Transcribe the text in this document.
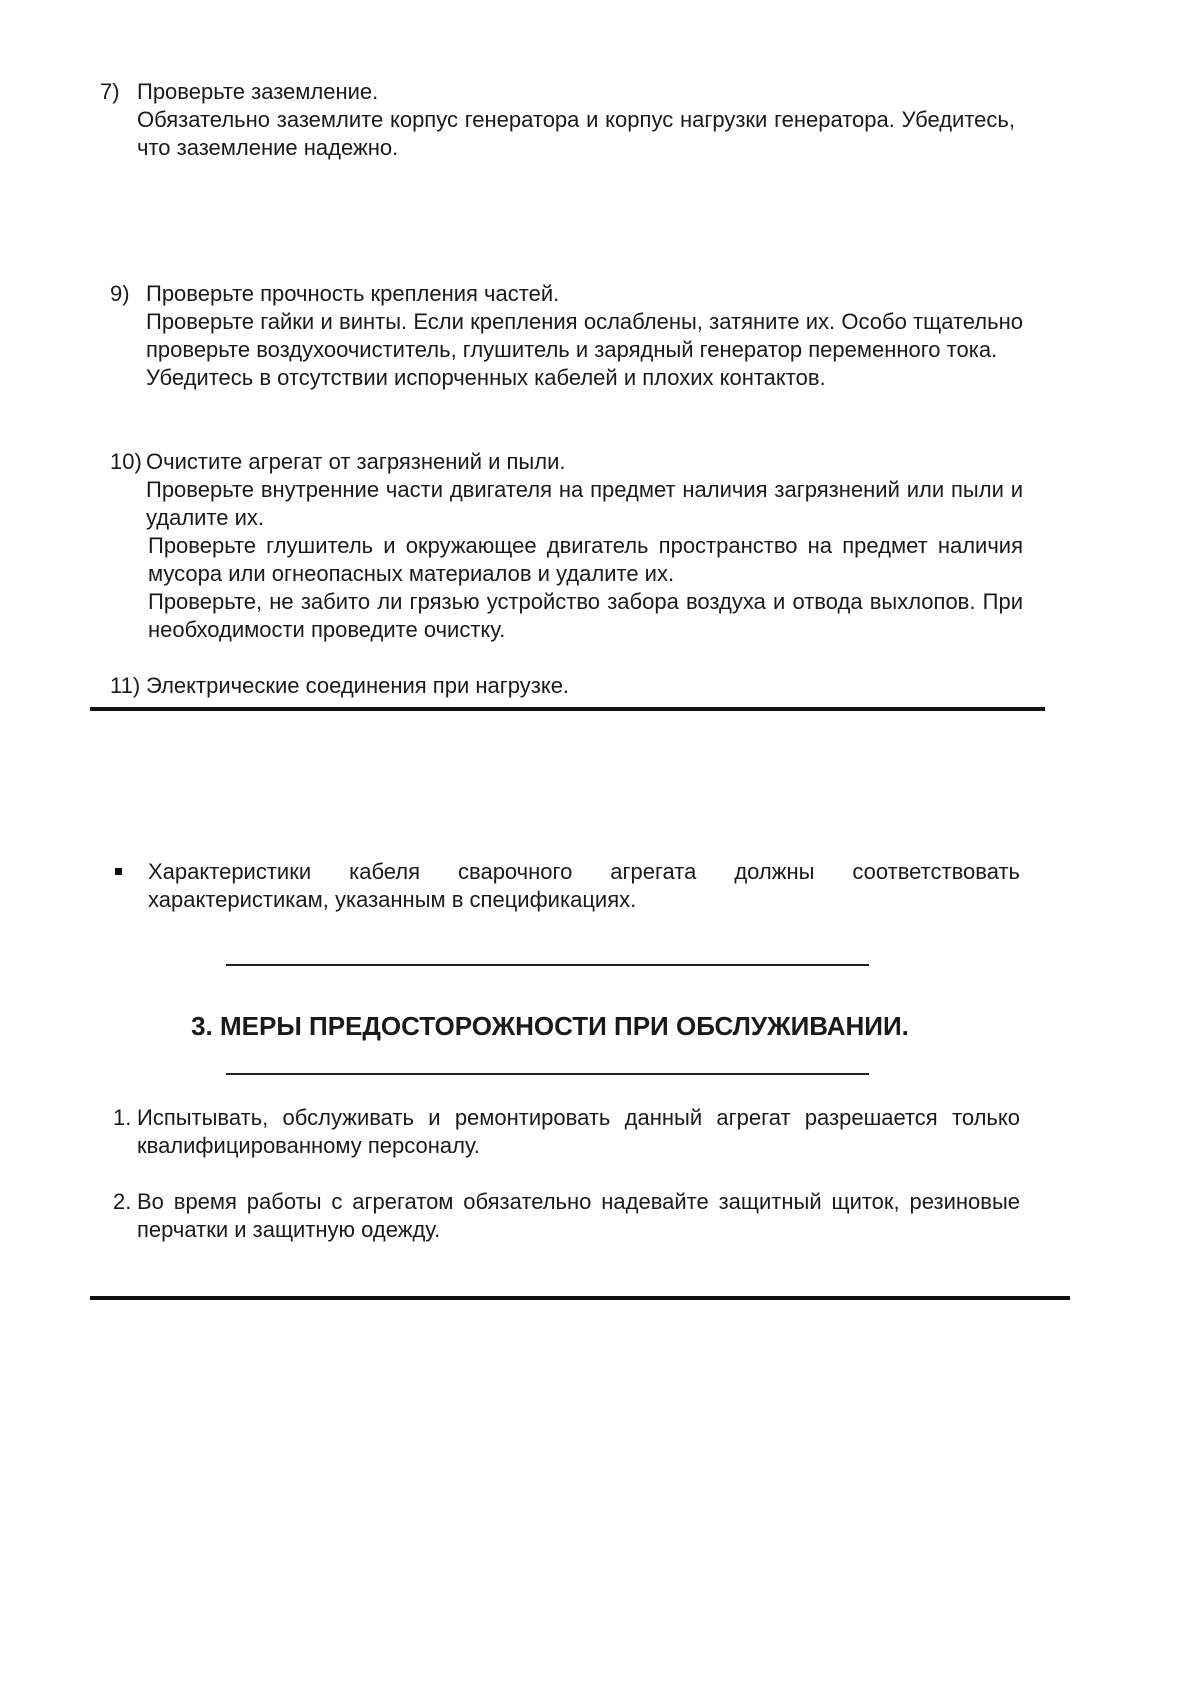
7) Проверьте заземление.
Обязательно заземлите корпус генератора и корпус нагрузки генератора. Убедитесь, что заземление надежно.
9) Проверьте прочность крепления частей.
Проверьте гайки и винты. Если крепления ослаблены, затяните их. Особо тщательно проверьте воздухоочиститель, глушитель и зарядный генератор переменного тока.
Убедитесь в отсутствии испорченных кабелей и плохих контактов.
10) Очистите агрегат от загрязнений и пыли.
Проверьте внутренние части двигателя на предмет наличия загрязнений или пыли и удалите их.
Проверьте глушитель и окружающее двигатель пространство на предмет наличия мусора или огнеопасных материалов и удалите их.
Проверьте, не забито ли грязью устройство забора воздуха и отвода выхлопов. При необходимости проведите очистку.
11) Электрические соединения при нагрузке.
Характеристики кабеля сварочного агрегата должны соответствовать характеристикам, указанным в спецификациях.
3. МЕРЫ ПРЕДОСТОРОЖНОСТИ ПРИ ОБСЛУЖИВАНИИ.
1. Испытывать, обслуживать и ремонтировать данный агрегат разрешается только квалифицированному персоналу.
2. Во время работы с агрегатом обязательно надевайте защитный щиток, резиновые перчатки и защитную одежду.
